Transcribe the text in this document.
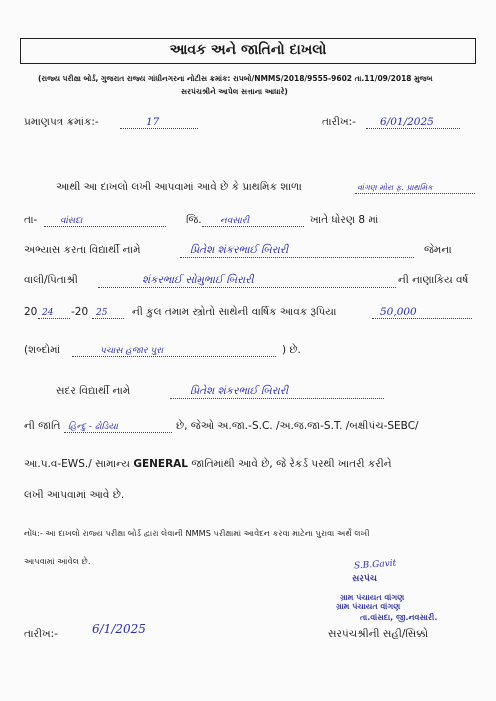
આવક અને જાતિનો દાખલો
(રાજ્ય પરીક્ષા બોર્ડ, ગુજરાત રાજ્ય ગાંધીનગરના નોટીસ ક્રમાંક: રાપબો/NMMS/2018/9555-9602 તા.11/09/2018 મુજબ
સરપંચશ્રીને આપેલ સત્તાના આધારે)
પ્રમાણપત્ર ક્રમાંક:-	17	તારીખ:-	6/01/2025
આથી આ દાખલો લખી આપવામાં આવે છે કે પ્રાથમિક શાળા	વાંગણ મોરા ફ. પ્રાથમિક
તા-	વાંસદા	જિ.	નવસારી	ખાતે ધોરણ 8 માં
અભ્યાસ કરતા વિદ્યાર્થી નામે	પ્રિતેશ શંકરભાઈ બિરારી	જેમના
વાલી/પિતાશ્રી	શંકરભાઈ સોમુભાઈ બિરારી	ની નાણાકિય વર્ષ
20 24	-20 25	ની કુલ તમામ સ્ત્રોતો સાથેની વાર્ષિક આવક રૂપિયા	50,000
(શબ્દોમાં	પચાસ હજાર પુરા	) છે.
સદર વિદ્યાર્થી નામે	પ્રિતેશ શંકરભાઈ બિરારી
ની જાતિ હિન્દુ - ઢોડિયા	છે, જેઓ અ.જા.-S.C. /અ.જ.જા-S.T. /બક્ષીપંચ-SEBC/
આ.પ.વ-EWS./ સામાન્ય GENERAL જાતિમાંથી આવે છે, જે રેકર્ડ પરથી ખાતરી કરીને
લખી આપવામાં આવે છે.
નોંધ:- આ દાખલો રાજ્ય પરીક્ષા બોર્ડ દ્વારા લેવાની NMMS પરીક્ષામાં આવેદન કરવા માટેના પુરાવા અર્થે લખી
આપવામાં આવેલ છે.	S.B.Gavit
સરપંચ
ગ્રામ પંચાયત વાંગણ
ગ્રામ પંચાયત વાંગણ
તા.વાંસદા, જી.નવસારી.
સરપંચશ્રીની સહી/સિક્કો
તારીખ:-	6/1/2025
